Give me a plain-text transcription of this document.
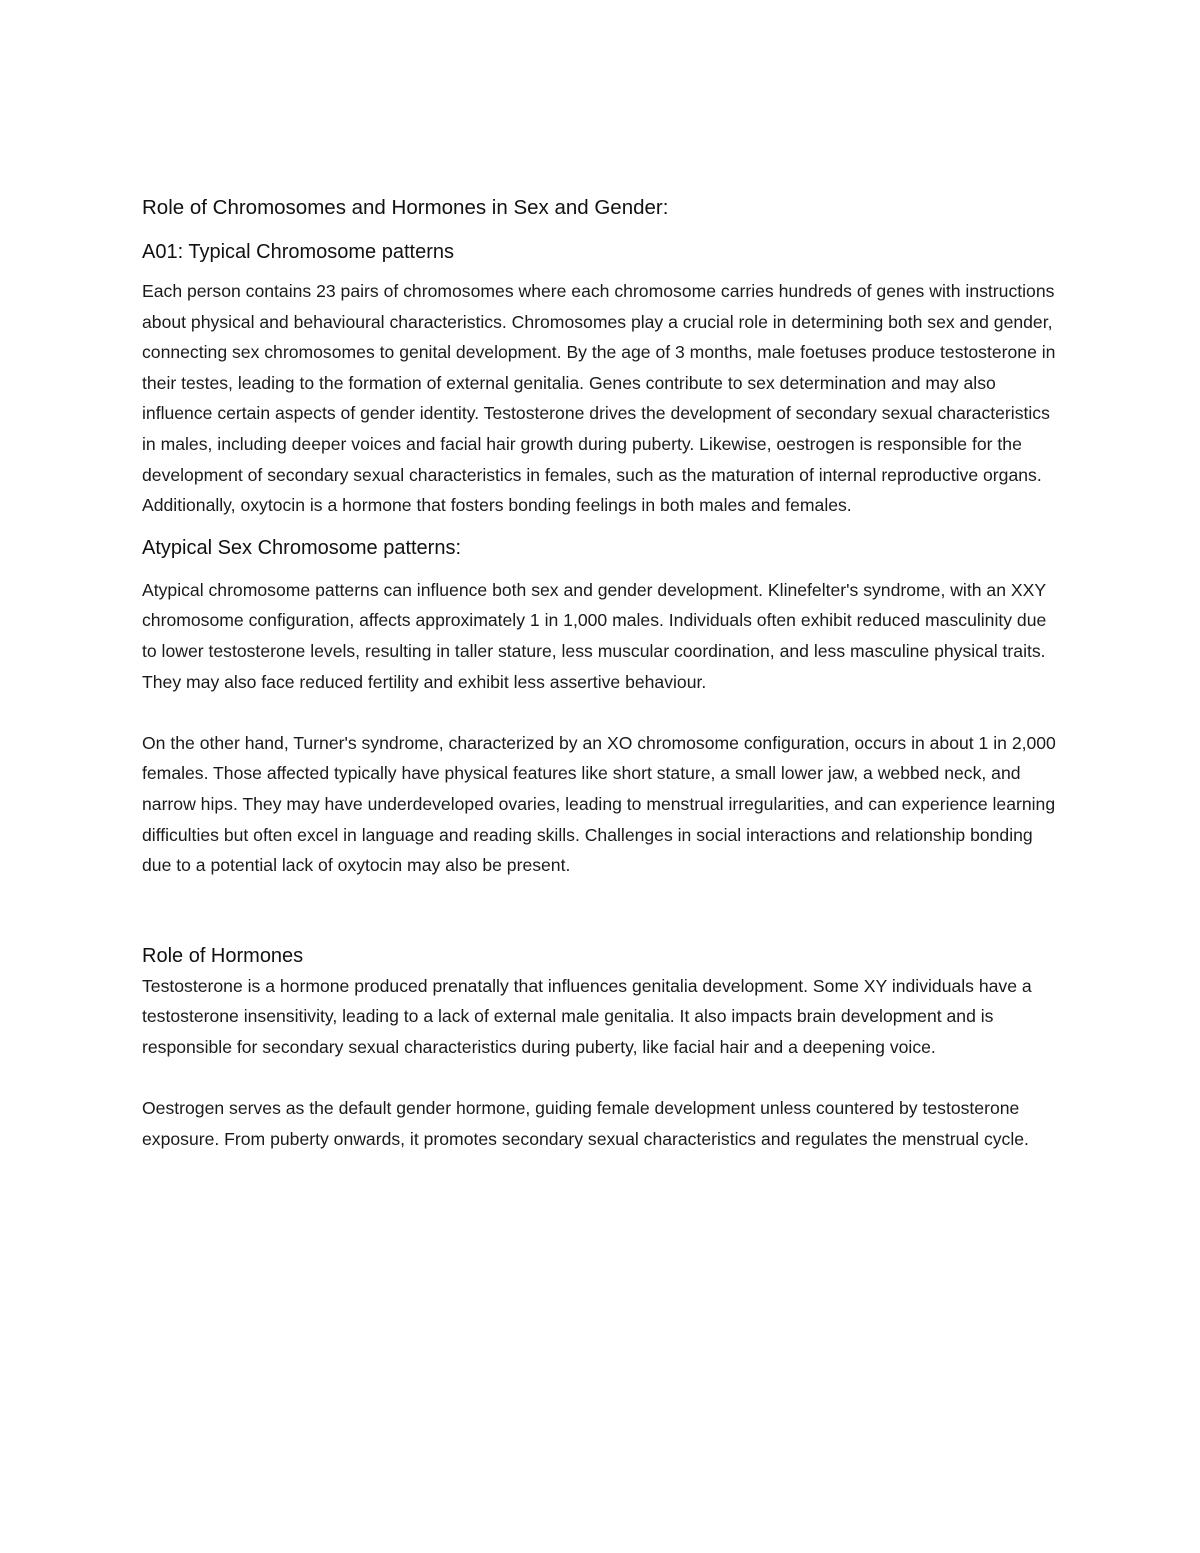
Role of Chromosomes and Hormones in Sex and Gender:
A01: Typical Chromosome patterns

Each person contains 23 pairs of chromosomes where each chromosome carries hundreds of genes with instructions about physical and behavioural characteristics. Chromosomes play a crucial role in determining both sex and gender, connecting sex chromosomes to genital development. By the age of 3 months, male foetuses produce testosterone in their testes, leading to the formation of external genitalia. Genes contribute to sex determination and may also influence certain aspects of gender identity. Testosterone drives the development of secondary sexual characteristics in males, including deeper voices and facial hair growth during puberty. Likewise, oestrogen is responsible for the development of secondary sexual characteristics in females, such as the maturation of internal reproductive organs. Additionally, oxytocin is a hormone that fosters bonding feelings in both males and females.

Atypical Sex Chromosome patterns:

Atypical chromosome patterns can influence both sex and gender development. Klinefelter's syndrome, with an XXY chromosome configuration, affects approximately 1 in 1,000 males. Individuals often exhibit reduced masculinity due to lower testosterone levels, resulting in taller stature, less muscular coordination, and less masculine physical traits. They may also face reduced fertility and exhibit less assertive behaviour.

On the other hand, Turner's syndrome, characterized by an XO chromosome configuration, occurs in about 1 in 2,000 females. Those affected typically have physical features like short stature, a small lower jaw, a webbed neck, and narrow hips. They may have underdeveloped ovaries, leading to menstrual irregularities, and can experience learning difficulties but often excel in language and reading skills. Challenges in social interactions and relationship bonding due to a potential lack of oxytocin may also be present.

Role of Hormones

Testosterone is a hormone produced prenatally that influences genitalia development. Some XY individuals have a testosterone insensitivity, leading to a lack of external male genitalia. It also impacts brain development and is responsible for secondary sexual characteristics during puberty, like facial hair and a deepening voice.

Oestrogen serves as the default gender hormone, guiding female development unless countered by testosterone exposure. From puberty onwards, it promotes secondary sexual characteristics and regulates the menstrual cycle.
